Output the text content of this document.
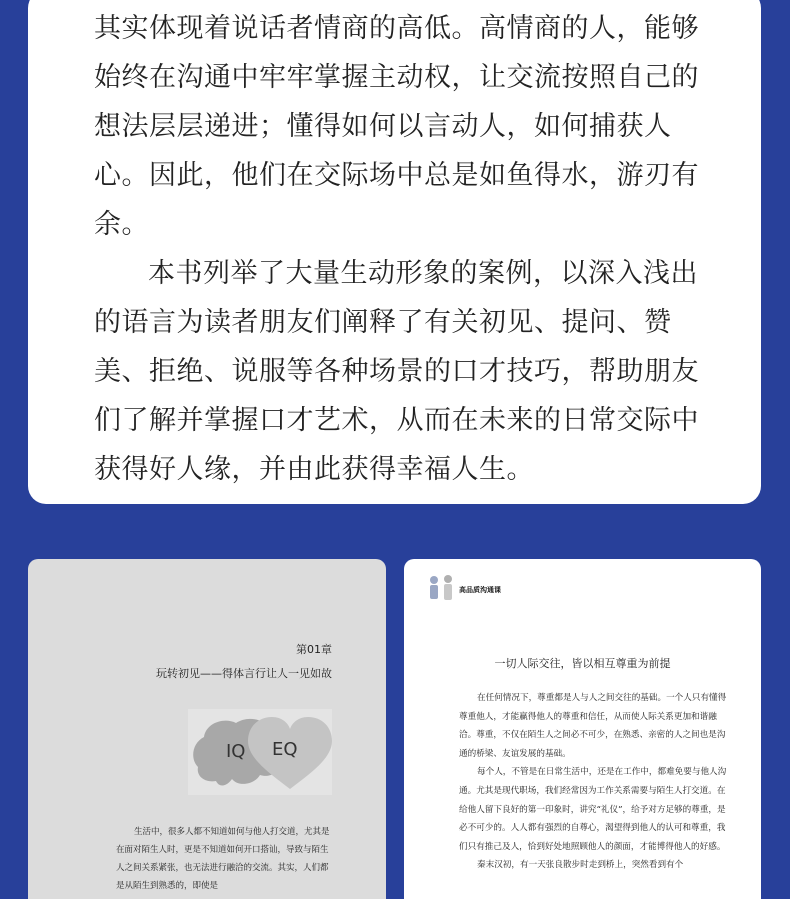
其实体现着说话者情商的高低。高情商的人，能够始终在沟通中牢牢掌握主动权，让交流按照自己的想法层层递进；懂得如何以言动人，如何捕获人心。因此，他们在交际场中总是如鱼得水，游刃有余。

本书列举了大量生动形象的案例，以深入浅出的语言为读者朋友们阐释了有关初见、提问、赞美、拒绝、说服等各种场景的口才技巧，帮助朋友们了解并掌握口才艺术，从而在未来的日常交际中获得好人缘，并由此获得幸福人生。

第01章
玩转初见——得体言行让人一见如故
IQ EQ

生活中，很多人都不知道如何与他人打交道，尤其是在面对陌生人时，更是不知道如何开口搭讪，导致与陌生人之间关系紧张，也无法进行融洽的交流。其实，人们都是从陌生到熟悉的，即使是

高品质沟通课
一切人际交往，皆以相互尊重为前提

在任何情况下，尊重都是人与人之间交往的基础。一个人只有懂得尊重他人，才能赢得他人的尊重和信任，从而使人际关系更加和谐融洽。尊重，不仅在陌生人之间必不可少，在熟悉、亲密的人之间也是沟通的桥梁、友谊发展的基础。

每个人，不管是在日常生活中，还是在工作中，都难免要与他人沟通。尤其是现代职场，我们经常因为工作关系需要与陌生人打交道。在给他人留下良好的第一印象时，讲究“礼仪”，给予对方足够的尊重，是必不可少的。人人都有强烈的自尊心，渴望得到他人的认可和尊重，我们只有推己及人，恰到好处地照顾他人的颜面，才能博得他人的好感。

秦末汉初，有一天张良散步时走到桥上，突然看到有个
